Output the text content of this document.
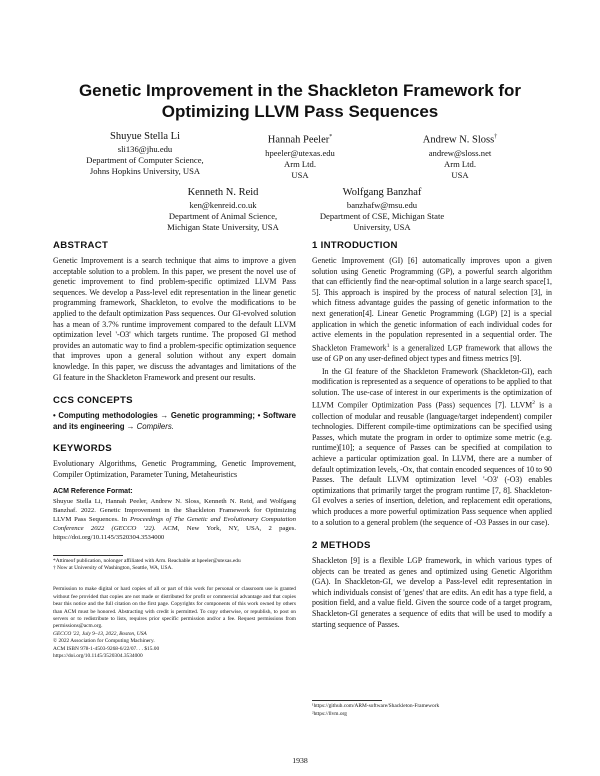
Genetic Improvement in the Shackleton Framework for Optimizing LLVM Pass Sequences
Shuyue Stella Li
sli136@jhu.edu
Department of Computer Science,
Johns Hopkins University, USA
Hannah Peeler*
hpeeler@utexas.edu
Arm Ltd.
USA
Andrew N. Sloss†
andrew@sloss.net
Arm Ltd.
USA
Kenneth N. Reid
ken@kenreid.co.uk
Department of Animal Science,
Michigan State University, USA
Wolfgang Banzhaf
banzhafw@msu.edu
Department of CSE, Michigan State
University, USA
ABSTRACT

Genetic Improvement is a search technique that aims to improve a given acceptable solution to a problem. In this paper, we present the novel use of genetic improvement to find problem-specific optimized LLVM Pass sequences. We develop a Pass-level edit representation in the linear genetic programming framework, Shackleton, to evolve the modifications to be applied to the default optimization Pass sequences. Our GI-evolved solution has a mean of 3.7% runtime improvement compared to the default LLVM optimization level '-O3' which targets runtime. The proposed GI method provides an automatic way to find a problem-specific optimization sequence that improves upon a general solution without any expert domain knowledge. In this paper, we discuss the advantages and limitations of the GI feature in the Shackleton Framework and present our results.

CCS CONCEPTS

• Computing methodologies → Genetic programming; • Software and its engineering → Compilers.

KEYWORDS

Evolutionary Algorithms, Genetic Programming, Genetic Improvement, Compiler Optimization, Parameter Tuning, Metaheuristics

ACM Reference Format:

Shuyue Stella Li, Hannah Peeler, Andrew N. Sloss, Kenneth N. Reid, and Wolfgang Banzhaf. 2022. Genetic Improvement in the Shackleton Framework for Optimizing LLVM Pass Sequences. In Proceedings of The Genetic and Evolutionary Computation Conference 2022 (GECCO '22). ACM, New York, NY, USA, 2 pages. https://doi.org/10.1145/3520304.3534000

*Attimeof publication, nolonger affiliated with Arm. Reachable at hpeeler@utexas.edu
† Now at University of Washington, Seattle, WA, USA.
Permission to make digital or hard copies of all or part of this work for personal or classroom use is granted without fee provided that copies are not made or distributed for profit or commercial advantage and that copies bear this notice and the full citation on the first page. Copyrights for components of this work owned by others than ACM must be honored. Abstracting with credit is permitted. To copy otherwise, or republish, to post on servers or to redistribute to lists, requires prior specific permission and/or a fee. Request permissions from permissions@acm.org.
GECCO '22, July 9–13, 2022, Boston, USA
© 2022 Association for Computing Machinery.
ACM ISBN 978-1-4503-9268-6/22/07. . . $15.00
https://doi.org/10.1145/3520304.3534000
1 INTRODUCTION

Genetic Improvement (GI) [6] automatically improves upon a given solution using Genetic Programming (GP), a powerful search algorithm that can efficiently find the near-optimal solution in a large search space[1, 5]. This approach is inspired by the process of natural selection [3], in which fitness advantage guides the passing of genetic information to the next generation[4]. Linear Genetic Programming (LGP) [2] is a special application in which the genetic information of each individual codes for active elements in the population represented in a sequential order. The Shackleton Framework$^1$ is a generalized LGP framework that allows the use of GP on any user-defined object types and fitness metrics [9].

In the GI feature of the Shackleton Framework (Shackleton-GI), each modification is represented as a sequence of operations to be applied to that solution. The use-case of interest in our experiments is the optimization of LLVM Compiler Optimization Pass (Pass) sequences [7]. LLVM$^2$ is a collection of modular and reusable (language/target independent) compiler technologies. Different compile-time optimizations can be specified using Passes, which mutate the program in order to optimize some metric (e.g. runtime)[10]; a sequence of Passes can be specified at compilation to achieve a particular optimization goal. In LLVM, there are a number of default optimization levels, -Ox, that contain encoded sequences of 10 to 90 Passes. The default LLVM optimization level '-O3' (-O3) enables optimizations that primarily target the program runtime [7, 8]. Shackleton-GI evolves a series of insertion, deletion, and replacement edit operations, which produces a more powerful optimization Pass sequence when applied to a solution to a general problem (the sequence of -O3 Passes in our case).

2 METHODS

Shackleton [9] is a flexible LGP framework, in which various types of objects can be treated as genes and optimized using Genetic Algorithm (GA). In Shackleton-GI, we develop a Pass-level edit representation in which individuals consist of 'genes' that are edits. An edit has a type field, a position field, and a value field. Given the source code of a target program, Shackleton-GI generates a sequence of edits that will be used to modify a starting sequence of Passes.

¹https://github.com/ARM-software/Shackleton-Framework
²https://llvm.org
1938
